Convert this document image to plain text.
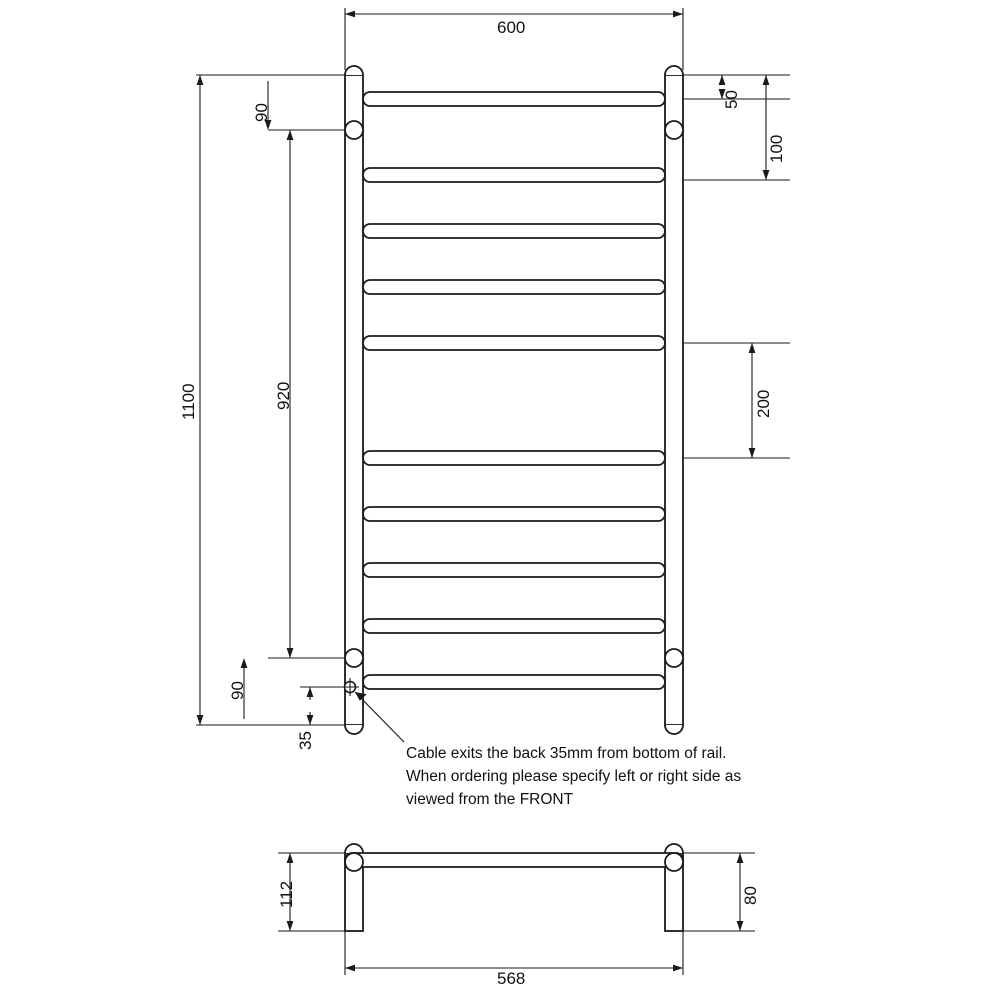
600
1100	920
90
90
50
100
200
35
112	80
568
Cable exits the back 35mm from bottom of rail.
When ordering please specify left or right side as
viewed from the FRONT
